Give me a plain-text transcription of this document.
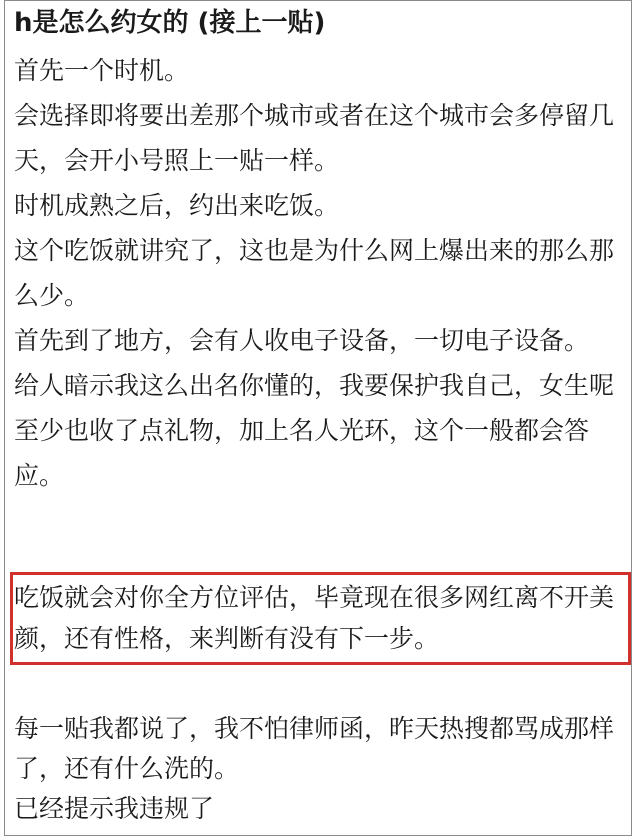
h是怎么约女的 (接上一贴)

首先一个时机。

会选择即将要出差那个城市或者在这个城市会多停留几天，会开小号照上一贴一样。

时机成熟之后，约出来吃饭。

这个吃饭就讲究了，这也是为什么网上爆出来的那么那么少。

首先到了地方，会有人收电子设备，一切电子设备。

给人暗示我这么出名你懂的，我要保护我自己，女生呢至少也收了点礼物，加上名人光环，这个一般都会答应。

吃饭就会对你全方位评估，毕竟现在很多网红离不开美颜，还有性格，来判断有没有下一步。

每一贴我都说了，我不怕律师函，昨天热搜都骂成那样了，还有什么洗的。

已经提示我违规了
